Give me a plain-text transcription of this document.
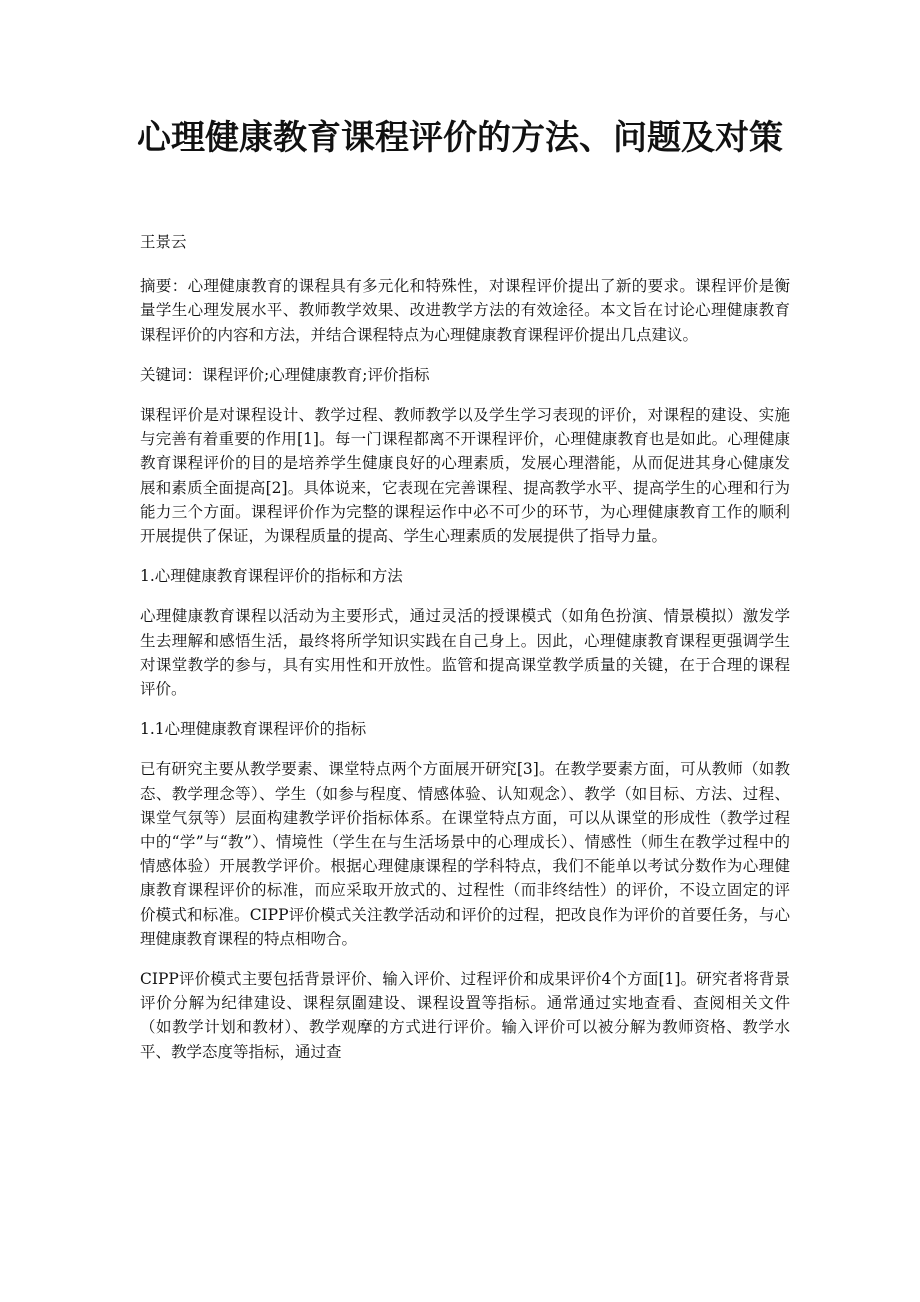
心理健康教育课程评价的方法、问题及对策

王景云

摘要：心理健康教育的课程具有多元化和特殊性，对课程评价提出了新的要求。课程评价是衡量学生心理发展水平、教师教学效果、改进教学方法的有效途径。本文旨在讨论心理健康教育课程评价的内容和方法，并结合课程特点为心理健康教育课程评价提出几点建议。

关键词：课程评价;心理健康教育;评价指标

课程评价是对课程设计、教学过程、教师教学以及学生学习表现的评价，对课程的建设、实施与完善有着重要的作用[1]。每一门课程都离不开课程评价，心理健康教育也是如此。心理健康教育课程评价的目的是培养学生健康良好的心理素质，发展心理潜能，从而促进其身心健康发展和素质全面提高[2]。具体说来，它表现在完善课程、提高教学水平、提高学生的心理和行为能力三个方面。课程评价作为完整的课程运作中必不可少的环节，为心理健康教育工作的顺利开展提供了保证，为课程质量的提高、学生心理素质的发展提供了指导力量。

1.心理健康教育课程评价的指标和方法

心理健康教育课程以活动为主要形式，通过灵活的授课模式（如角色扮演、情景模拟）激发学生去理解和感悟生活，最终将所学知识实践在自己身上。因此，心理健康教育课程更强调学生对课堂教学的参与，具有实用性和开放性。监管和提高课堂教学质量的关键，在于合理的课程评价。

1.1心理健康教育课程评价的指标

已有研究主要从教学要素、课堂特点两个方面展开研究[3]。在教学要素方面，可从教师（如教态、教学理念等）、学生（如参与程度、情感体验、认知观念）、教学（如目标、方法、过程、课堂气氛等）层面构建教学评价指标体系。在课堂特点方面，可以从课堂的形成性（教学过程中的“学”与“教”）、情境性（学生在与生活场景中的心理成长）、情感性（师生在教学过程中的情感体验）开展教学评价。根据心理健康课程的学科特点，我们不能单以考试分数作为心理健康教育课程评价的标准，而应采取开放式的、过程性（而非终结性）的评价，不设立固定的评价模式和标准。CIPP评价模式关注教学活动和评价的过程，把改良作为评价的首要任务，与心理健康教育课程的特点相吻合。

CIPP评价模式主要包括背景评价、输入评价、过程评价和成果评价4个方面[1]。研究者将背景评价分解为纪律建设、课程氛圍建设、课程设置等指标。通常通过实地查看、查阅相关文件（如教学计划和教材）、教学观摩的方式进行评价。输入评价可以被分解为教师资格、教学水平、教学态度等指标，通过查
